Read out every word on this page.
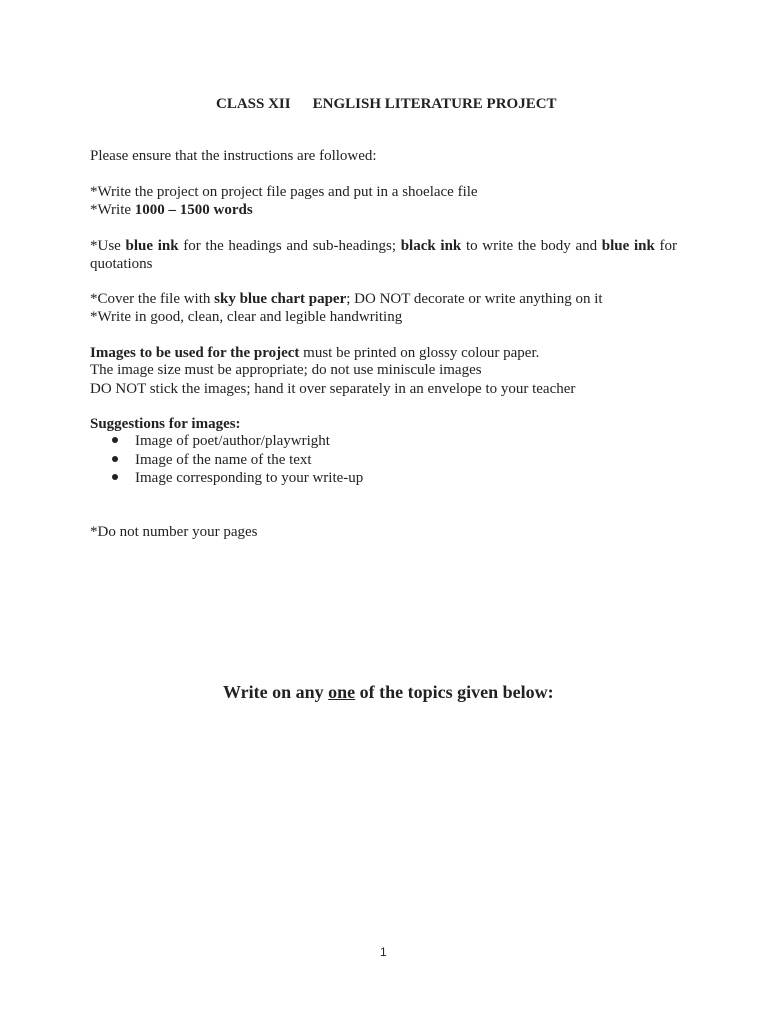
CLASS XII ENGLISH LITERATURE PROJECT
Please ensure that the instructions are followed:
*Write the project on project file pages and put in a shoelace file
*Write 1000 – 1500 words
*Use blue ink for the headings and sub-headings; black ink to write the body and blue ink for quotations
*Cover the file with sky blue chart paper; DO NOT decorate or write anything on it
*Write in good, clean, clear and legible handwriting
Images to be used for the project must be printed on glossy colour paper.
The image size must be appropriate; do not use miniscule images
DO NOT stick the images; hand it over separately in an envelope to your teacher
Suggestions for images:
Image of poet/author/playwright
Image of the name of the text
Image corresponding to your write-up
*Do not number your pages
Write on any one of the topics given below:
1
